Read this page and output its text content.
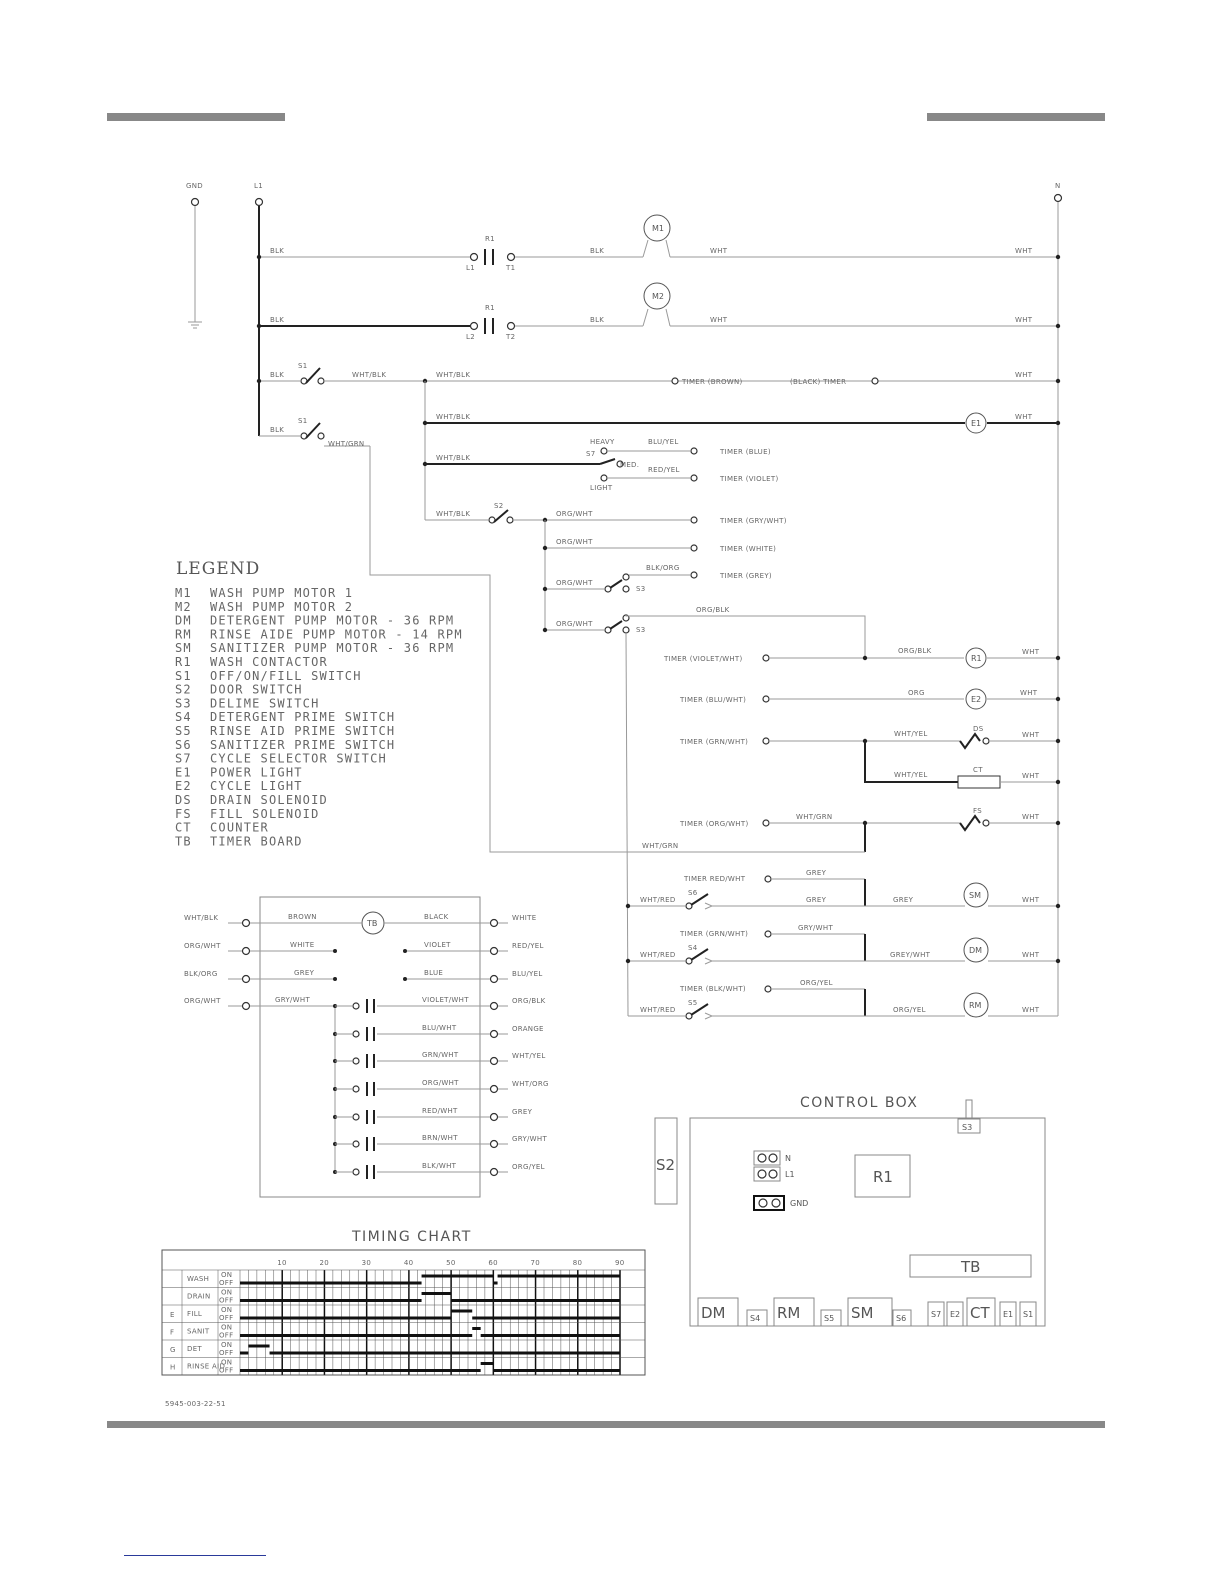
GND	L1	N
BLK
R1
L1	T1
BLK
M1
WHT	WHT
BLK
R1
L2	T2
BLK
M2
WHT	WHT
BLK
S1
WHT/BLK	WHT/BLK
TIMER (BROWN)	(BLACK) TIMER
WHT
BLK
S1
WHT/GRN
WHT/BLK
E1
WHT
WHT/BLK
HEAVY
S7
MED.
LIGHT
BLU/YEL
TIMER (BLUE)
RED/YEL
TIMER (VIOLET)
WHT/BLK
S2
ORG/WHT
TIMER (GRY/WHT)
ORG/WHT
TIMER (WHITE)
ORG/WHT
S3
BLK/ORG
TIMER (GREY)
ORG/WHT
S3
ORG/BLK
TIMER (VIOLET/WHT)
ORG/BLK
R1
WHT
TIMER (BLU/WHT)
ORG
E2
WHT
TIMER (GRN/WHT)
WHT/YEL
DS
WHT
WHT/YEL
CT
WHT
TIMER (ORG/WHT)
WHT/GRN
FS
WHT
WHT/GRN
TIMER RED/WHT
GREY
WHT/RED
S6
GREY	GREY	SM	WHT
TIMER (GRN/WHT)
GRY/WHT
WHT/RED
S4
GREY/WHT	DM	WHT
TIMER (BLK/WHT)
ORG/YEL
WHT/RED
S5
ORG/YEL	RM	WHT
LEGEND
M1 WASH PUMP MOTOR 1
M2 WASH PUMP MOTOR 2
DM DETERGENT PUMP MOTOR - 36 RPM
RM RINSE AIDE PUMP MOTOR - 14 RPM
SM SANITIZER PUMP MOTOR - 36 RPM
R1 WASH CONTACTOR
S1 OFF/ON/FILL SWITCH
S2 DOOR SWITCH
S3 DELIME SWITCH
S4 DETERGENT PRIME SWITCH
S5 RINSE AID PRIME SWITCH
S6 SANITIZER PRIME SWITCH
S7 CYCLE SELECTOR SWITCH
E1 POWER LIGHT
E2 CYCLE LIGHT
DS DRAIN SOLENOID
FS FILL SOLENOID
CT COUNTER
TB TIMER BOARD
TB
WHT/BLK
ORG/WHT
BLK/ORG
ORG/WHT
WHITE
RED/YEL
BLU/YEL
ORG/BLK
ORANGE
WHT/YEL
WHT/ORG
GREY
GRY/WHT
ORG/YEL
BROWN	BLACK
WHITE
GREY
VIOLET
BLUE
GRY/WHT	VIOLET/WHT
BLU/WHT
GRN/WHT
ORG/WHT
RED/WHT
BRN/WHT
BLK/WHT
TIMING CHART
10	20	30	40	50	60	70	80	90
WASH ON
OFF
DRAIN ON
OFF
E FILL	ON
OFF
F SANIT ON
OFF
G DET	ON
OFF
H RINSE AID
ON
OFF
CONTROL BOX
S2
S3
N
L1
GND
R1
TB
DM	S4 RM	S5 SM	S6	S7 E2 CT E1 S1
5945-003-22-51
